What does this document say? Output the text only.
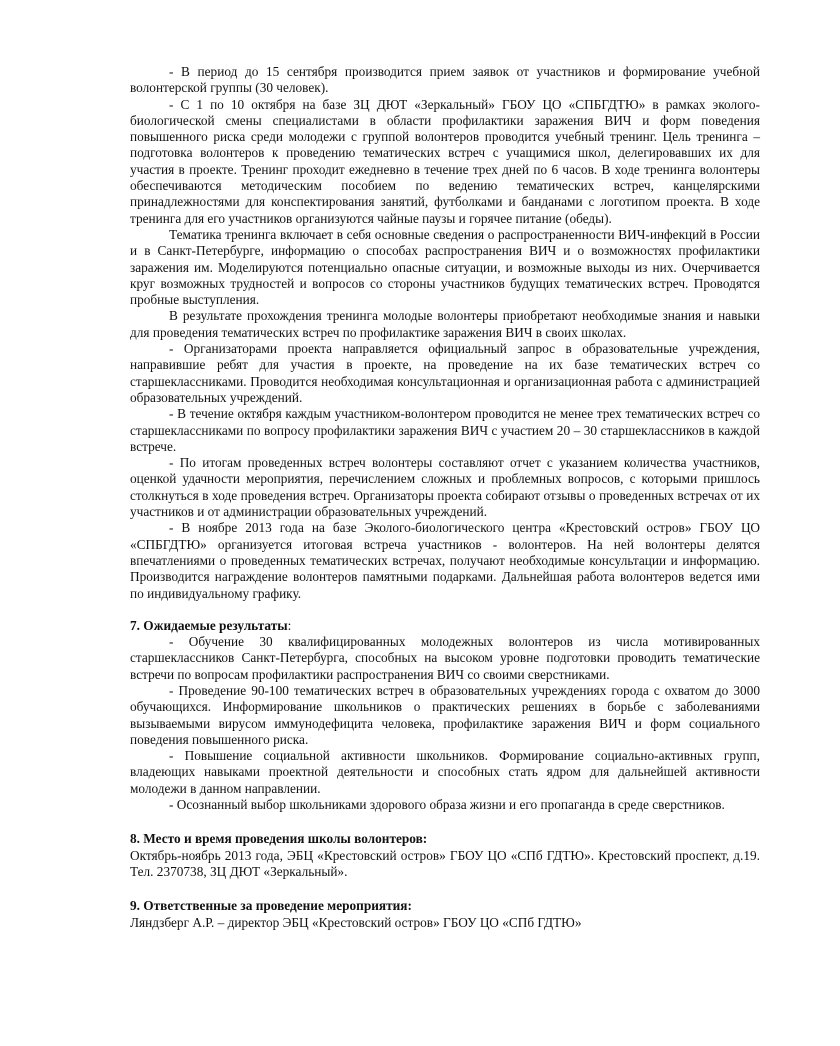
- В период до 15 сентября производится прием заявок от участников и формирование учебной волонтерской группы (30 человек).

- С 1 по 10 октября на базе ЗЦ ДЮТ «Зеркальный» ГБОУ ЦО «СПБГДТЮ» в рамках эколого-биологической смены специалистами в области профилактики заражения ВИЧ и форм поведения повышенного риска среди молодежи с группой волонтеров проводится учебный тренинг. Цель тренинга – подготовка волонтеров к проведению тематических встреч с учащимися школ, делегировавших их для участия в проекте. Тренинг проходит ежедневно в течение трех дней по 6 часов. В ходе тренинга волонтеры обеспечиваются методическим пособием по ведению тематических встреч, канцелярскими принадлежностями для конспектирования занятий, футболками и банданами с логотипом проекта. В ходе тренинга для его участников организуются чайные паузы и горячее питание (обеды).

Тематика тренинга включает в себя основные сведения о распространенности ВИЧ-инфекций в России и в Санкт-Петербурге, информацию о способах распространения ВИЧ и о возможностях профилактики заражения им. Моделируются потенциально опасные ситуации, и возможные выходы из них. Очерчивается круг возможных трудностей и вопросов со стороны участников будущих тематических встреч. Проводятся пробные выступления.

В результате прохождения тренинга молодые волонтеры приобретают необходимые знания и навыки для проведения тематических встреч по профилактике заражения ВИЧ в своих школах.

- Организаторами проекта направляется официальный запрос в образовательные учреждения, направившие ребят для участия в проекте, на проведение на их базе тематических встреч со старшеклассниками. Проводится необходимая консультационная и организационная работа с администрацией образовательных учреждений.

- В течение октября каждым участником-волонтером проводится не менее трех тематических встреч со старшеклассниками по вопросу профилактики заражения ВИЧ с участием 20 – 30 старшеклассников в каждой встрече.

- По итогам проведенных встреч волонтеры составляют отчет с указанием количества участников, оценкой удачности мероприятия, перечислением сложных и проблемных вопросов, с которыми пришлось столкнуться в ходе проведения встреч. Организаторы проекта собирают отзывы о проведенных встречах от их участников и от администрации образовательных учреждений.

- В ноябре 2013 года на базе Эколого-биологического центра «Крестовский остров» ГБОУ ЦО «СПБГДТЮ» организуется итоговая встреча участников - волонтеров. На ней волонтеры делятся впечатлениями о проведенных тематических встречах, получают необходимые консультации и информацию. Производится награждение волонтеров памятными подарками. Дальнейшая работа волонтеров ведется ими по индивидуальному графику.

7. Ожидаемые результаты:

- Обучение 30 квалифицированных молодежных волонтеров из числа мотивированных старшеклассников Санкт-Петербурга, способных на высоком уровне подготовки проводить тематические встречи по вопросам профилактики распространения ВИЧ со своими сверстниками.

- Проведение 90-100 тематических встреч в образовательных учреждениях города с охватом до 3000 обучающихся. Информирование школьников о практических решениях в борьбе с заболеваниями вызываемыми вирусом иммунодефицита человека, профилактике заражения ВИЧ и форм социального поведения повышенного риска.

- Повышение социальной активности школьников. Формирование социально-активных групп, владеющих навыками проектной деятельности и способных стать ядром для дальнейшей активности молодежи в данном направлении.

- Осознанный выбор школьниками здорового образа жизни и его пропаганда в среде сверстников.

8. Место и время проведения школы волонтеров:

Октябрь-ноябрь 2013 года, ЭБЦ «Крестовский остров» ГБОУ ЦО «СПб ГДТЮ». Крестовский проспект, д.19. Тел. 2370738, ЗЦ ДЮТ «Зеркальный».

9. Ответственные за проведение мероприятия:

Ляндзберг А.Р. – директор ЭБЦ «Крестовский остров» ГБОУ ЦО «СПб ГДТЮ»
